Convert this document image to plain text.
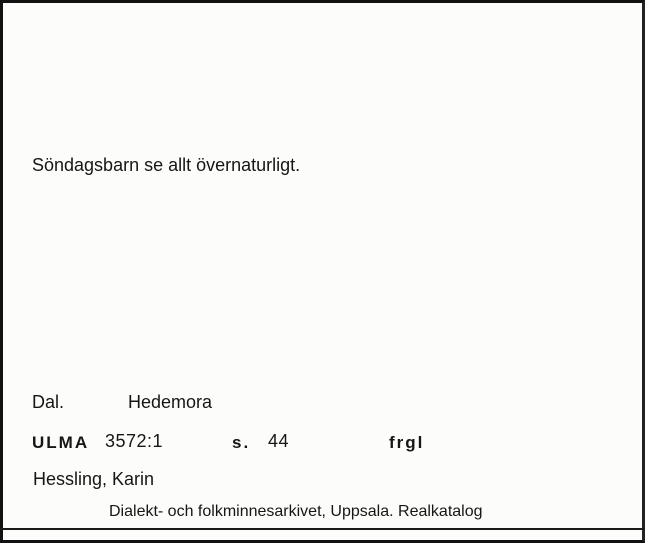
Söndagsbarn se allt övernaturligt.
Dal.	Hedemora
ULMA 3572:1	s. 44	frgl
Hessling, Karin
Dialekt- och folkminnesarkivet, Uppsala. Realkatalog
